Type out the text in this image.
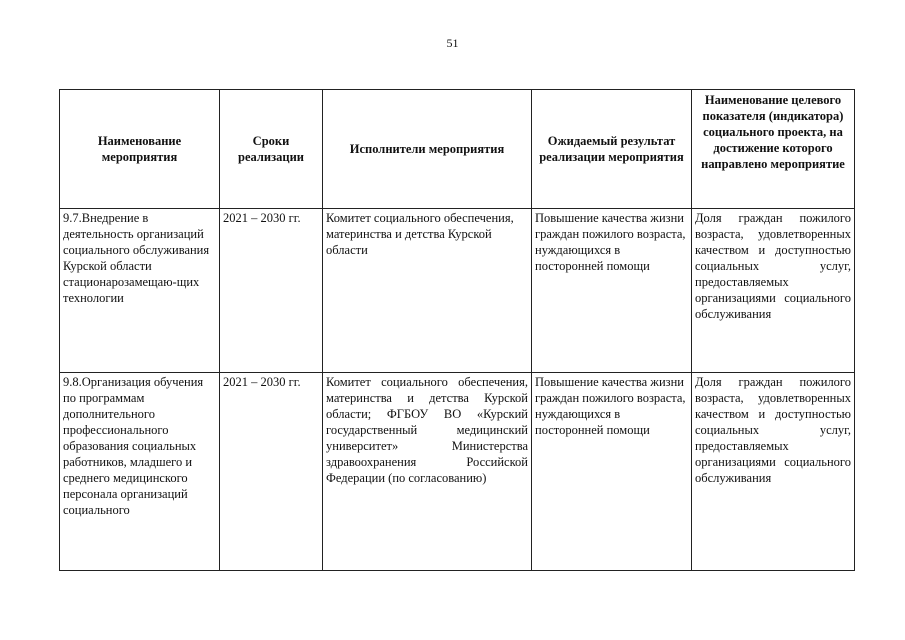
51
Наименование мероприятия	Сроки реализации	Исполнители мероприятия	Ожидаемый результат реализации мероприятия	Наименование целевого показателя (индикатора) социального проекта, на достижение которого направлено мероприятие

9.7.Внедрение в деятельность организаций социального обслуживания Курской области стационарозамещаю-щих технологии	2021 – 2030 гг.	Комитет социального обеспечения, материнства и детства Курской области	Повышение качества жизни граждан пожилого возраста, нуждающихся в посторонней помощи	Доля граждан пожилого возраста, удовлетворенных качеством и доступностью социальных услуг, предоставляемых организациями социального обслуживания

9.8.Организация обучения по программам дополнительного профессионального образования социальных работников, младшего и среднего медицинского персонала организаций социального	2021 – 2030 гг.	Комитет социального обеспечения, материнства и детства Курской области; ФГБОУ ВО «Курский государственный медицинский университет» Министерства здравоохранения Российской Федерации (по согласованию)	Повышение качества жизни граждан пожилого возраста, нуждающихся в посторонней помощи	Доля граждан пожилого возраста, удовлетворенных качеством и доступностью социальных услуг, предоставляемых организациями социального обслуживания
